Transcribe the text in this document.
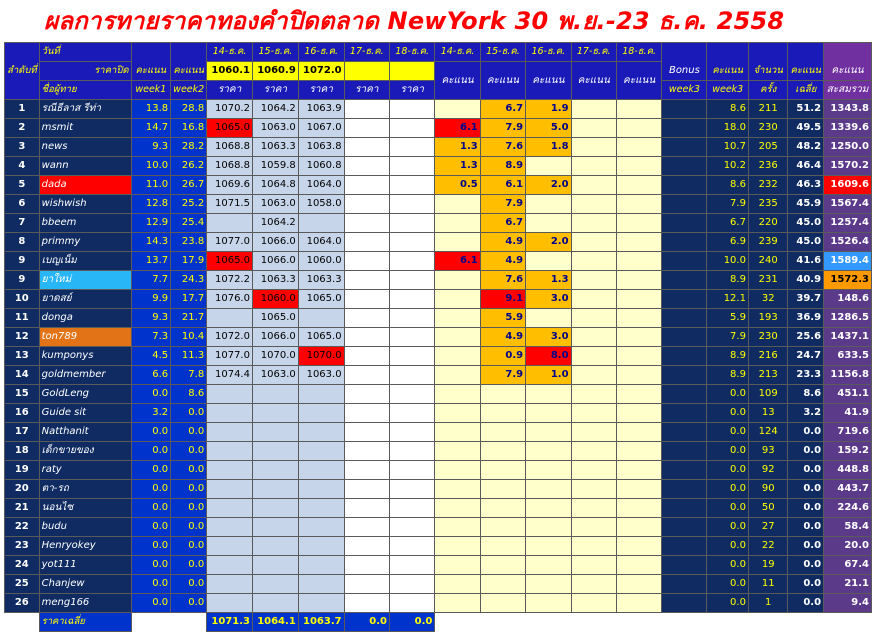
ผลการทายราคาทองคำปิดตลาด NewYork 30 พ.ย.-23 ธ.ค. 2558
ลำดับที่	วันที่	คะแนน	คะแนน	14-ธ.ค.	15-ธ.ค.	16-ธ.ค.	17-ธ.ค.	18-ธ.ค.	14-ธ.ค.	15-ธ.ค.	16-ธ.ค.	17-ธ.ค.	18-ธ.ค.	Bonus	คะแนน	จำนวน	คะแนน	คะแนน
	ราคาปิด			1060.1	1060.9	1072.0			คะแนน	คะแนน	คะแนน	คะแนน	คะแนน					
	ชื่อผู้ทาย	week1	week2	ราคา	ราคา	ราคา	ราคา	ราคา						week3	week3	ครั้ง	เฉลี่ย	สะสมรวม
1	รณีธีลาส รีท่า	13.8	28.8	1070.2	1064.2	1063.9				6.7	1.9				8.6	211	51.2	1343.8
2	msmit	14.7	16.8	1065.0	1063.0	1067.0			6.1	7.9	5.0				18.0	230	49.5	1339.6
3	news	9.3	28.2	1068.8	1063.3	1063.8			1.3	7.6	1.8				10.7	205	48.2	1250.0
4	wann	10.0	26.2	1068.8	1059.8	1060.8			1.3	8.9					10.2	236	46.4	1570.2
5	dada	11.0	26.7	1069.6	1064.8	1064.0			0.5	6.1	2.0				8.6	232	46.3	1609.6
6	wishwish	12.8	25.2	1071.5	1063.0	1058.0				7.9					7.9	235	45.9	1567.4
7	bbeem	12.9	25.4		1064.2					6.7					6.7	220	45.0	1257.4
8	primmy	14.3	23.8	1077.0	1066.0	1064.0				4.9	2.0				6.9	239	45.0	1526.4
9	เบญเน็ม	13.7	17.9	1065.0	1066.0	1060.0			6.1	4.9					10.0	240	41.6	1589.4
9	ยาใหม่	7.7	24.3	1072.2	1063.3	1063.3				7.6	1.3				8.9	231	40.9	1572.3
10	ยาดสย์	9.9	17.7	1076.0	1060.0	1065.0				9.1	3.0				12.1	32	39.7	148.6
11	donga	9.3	21.7		1065.0					5.9					5.9	193	36.9	1286.5
12	ton789	7.3	10.4	1072.0	1066.0	1065.0				4.9	3.0				7.9	230	25.6	1437.1
13	kumponys	4.5	11.3	1077.0	1070.0	1070.0				0.9	8.0				8.9	216	24.7	633.5
14	goldmember	6.6	7.8	1074.4	1063.0	1063.0				7.9	1.0				8.9	213	23.3	1156.8
15	GoldLeng	0.0	8.6												0.0	109	8.6	451.1
16	Guide sit	3.2	0.0												0.0	13	3.2	41.9
17	Natthanit	0.0	0.0												0.0	124	0.0	719.6
18	เด็กขายของ	0.0	0.0												0.0	93	0.0	159.2
19	raty	0.0	0.0												0.0	92	0.0	448.8
20	ตา-รถ	0.0	0.0												0.0	90	0.0	443.7
21	นอนไซ	0.0	0.0												0.0	50	0.0	224.6
22	budu	0.0	0.0												0.0	27	0.0	58.4
23	Henryokey	0.0	0.0												0.0	22	0.0	20.0
24	yot111	0.0	0.0												0.0	19	0.0	67.4
25	Chanjew	0.0	0.0												0.0	11	0.0	21.1
26	meng166	0.0	0.0												0.0	1	0.0	9.4
	ราคาเฉลี่ย			1071.3	1064.1	1063.7	0.0	0.0										
